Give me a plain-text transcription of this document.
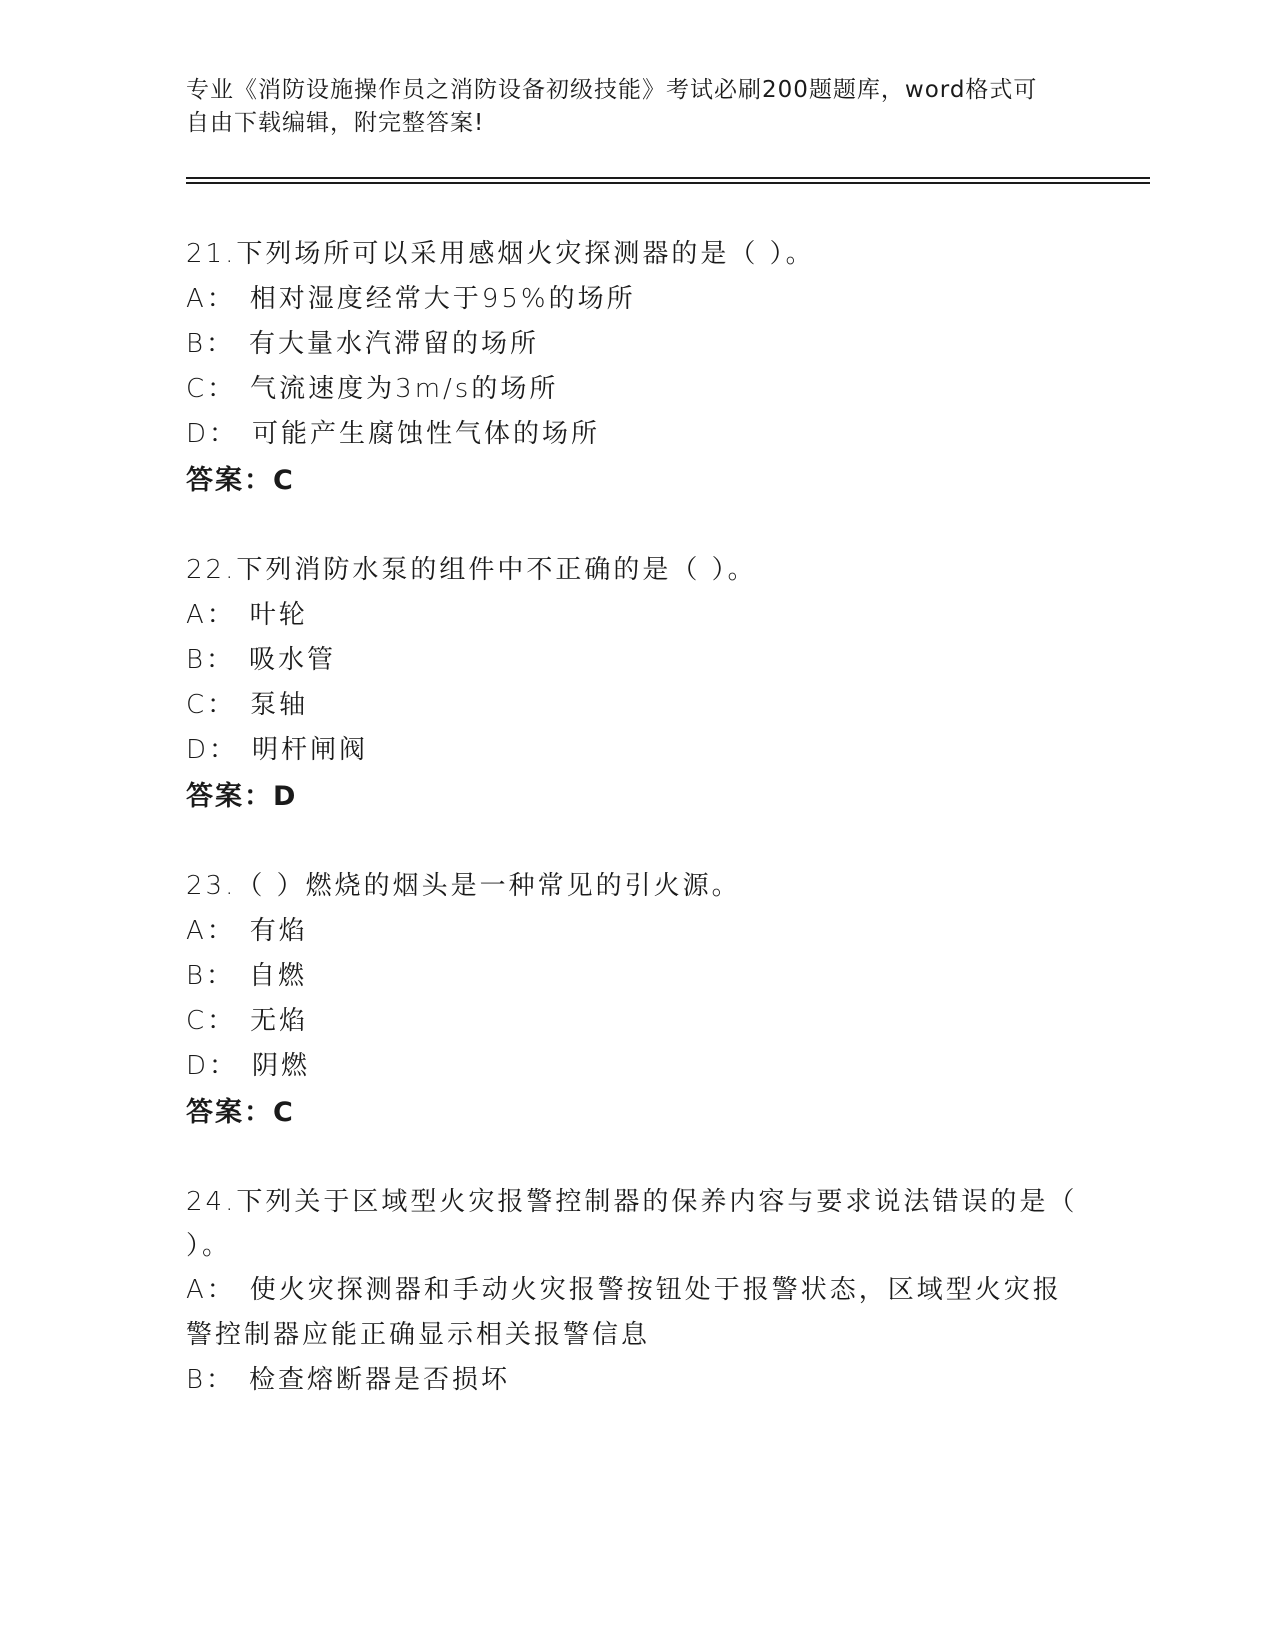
专业《消防设施操作员之消防设备初级技能》考试必刷200题题库，word格式可
自由下载编辑，附完整答案!
21.下列场所可以采用感烟火灾探测器的是（ ）。
A： 相对湿度经常大于95%的场所
B： 有大量水汽滞留的场所
C： 气流速度为3m/s的场所
D： 可能产生腐蚀性气体的场所
答案：C
22.下列消防水泵的组件中不正确的是（ ）。
A： 叶轮
B： 吸水管
C： 泵轴
D： 明杆闸阀
答案：D
23.（ ）燃烧的烟头是一种常见的引火源。
A： 有焰
B： 自燃
C： 无焰
D： 阴燃
答案：C
24.下列关于区域型火灾报警控制器的保养内容与要求说法错误的是（ ）。
A： 使火灾探测器和手动火灾报警按钮处于报警状态，区域型火灾报警控制器应能正确显示相关报警信息
B： 检查熔断器是否损坏
